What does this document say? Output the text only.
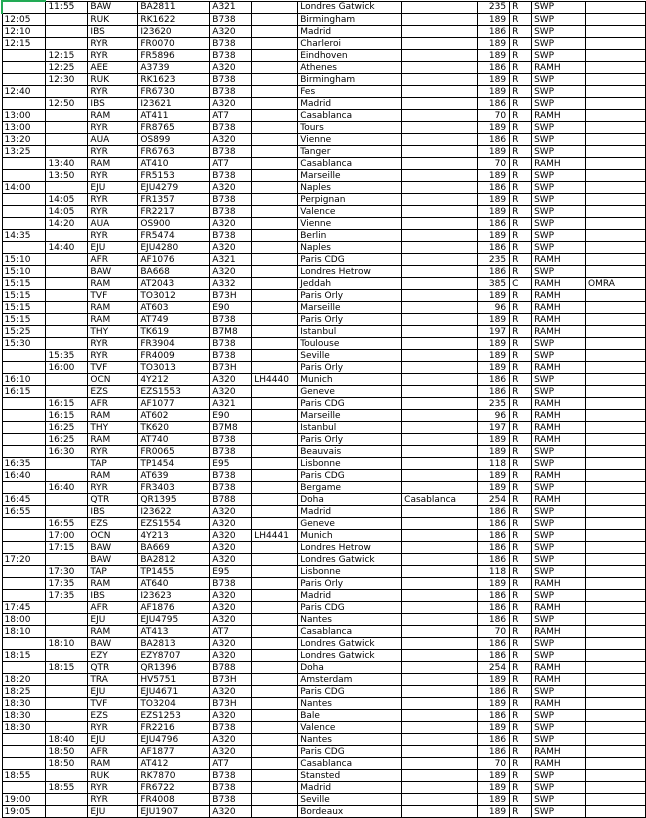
	11:55	BAW	BA2811	A321		Londres Gatwick		235	R	SWP	
12:05		RUK	RK1622	B738		Birmingham		189	R	SWP	
12:10		IBS	I23620	A320		Madrid		186	R	SWP	
12:15		RYR	FR0070	B738		Charleroi		189	R	SWP	
	12:15	RYR	FR5896	B738		Eindhoven		189	R	SWP	
	12:25	AEE	A3739	A320		Athenes		186	R	RAMH	
	12:30	RUK	RK1623	B738		Birmingham		189	R	SWP	
12:40		RYR	FR6730	B738		Fes		189	R	SWP	
	12:50	IBS	I23621	A320		Madrid		186	R	SWP	
13:00		RAM	AT411	AT7		Casablanca		70	R	RAMH	
13:00		RYR	FR8765	B738		Tours		189	R	SWP	
13:20		AUA	OS899	A320		Vienne		186	R	SWP	
13:25		RYR	FR6763	B738		Tanger		189	R	SWP	
	13:40	RAM	AT410	AT7		Casablanca		70	R	RAMH	
	13:50	RYR	FR5153	B738		Marseille		189	R	SWP	
14:00		EJU	EJU4279	A320		Naples		186	R	SWP	
	14:05	RYR	FR1357	B738		Perpignan		189	R	SWP	
	14:05	RYR	FR2217	B738		Valence		189	R	SWP	
	14:20	AUA	OS900	A320		Vienne		186	R	SWP	
14:35		RYR	FR5474	B738		Berlin		189	R	SWP	
	14:40	EJU	EJU4280	A320		Naples		186	R	SWP	
15:10		AFR	AF1076	A321		Paris CDG		235	R	RAMH	
15:10		BAW	BA668	A320		Londres Hetrow		186	R	SWP	
15:15		RAM	AT2043	A332		Jeddah		385	C	RAMH	OMRA
15:15		TVF	TO3012	B73H		Paris Orly		189	R	RAMH	
15:15		RAM	AT603	E90		Marseille		96	R	RAMH	
15:15		RAM	AT749	B738		Paris Orly		189	R	RAMH	
15:25		THY	TK619	B7M8		Istanbul		197	R	RAMH	
15:30		RYR	FR3904	B738		Toulouse		189	R	SWP	
	15:35	RYR	FR4009	B738		Seville		189	R	SWP	
	16:00	TVF	TO3013	B73H		Paris Orly		189	R	RAMH	
16:10		OCN	4Y212	A320	LH4440	Munich		186	R	SWP	
16:15		EZS	EZS1553	A320		Geneve		186	R	SWP	
	16:15	AFR	AF1077	A321		Paris CDG		235	R	RAMH	
	16:15	RAM	AT602	E90		Marseille		96	R	RAMH	
	16:25	THY	TK620	B7M8		Istanbul		197	R	RAMH	
	16:25	RAM	AT740	B738		Paris Orly		189	R	RAMH	
	16:30	RYR	FR0065	B738		Beauvais		189	R	SWP	
16:35		TAP	TP1454	E95		Lisbonne		118	R	SWP	
16:40		RAM	AT639	B738		Paris CDG		189	R	RAMH	
	16:40	RYR	FR3403	B738		Bergame		189	R	SWP	
16:45		QTR	QR1395	B788		Doha	Casablanca	254	R	RAMH	
16:55		IBS	I23622	A320		Madrid		186	R	SWP	
	16:55	EZS	EZS1554	A320		Geneve		186	R	SWP	
	17:00	OCN	4Y213	A320	LH4441	Munich		186	R	SWP	
	17:15	BAW	BA669	A320		Londres Hetrow		186	R	SWP	
17:20		BAW	BA2812	A320		Londres Gatwick		186	R	SWP	
	17:30	TAP	TP1455	E95		Lisbonne		118	R	SWP	
	17:35	RAM	AT640	B738		Paris Orly		189	R	RAMH	
	17:35	IBS	I23623	A320		Madrid		186	R	SWP	
17:45		AFR	AF1876	A320		Paris CDG		186	R	RAMH	
18:00		EJU	EJU4795	A320		Nantes		186	R	SWP	
18:10		RAM	AT413	AT7		Casablanca		70	R	RAMH	
	18:10	BAW	BA2813	A320		Londres Gatwick		186	R	SWP	
18:15		EZY	EZY8707	A320		Londres Gatwick		186	R	SWP	
	18:15	QTR	QR1396	B788		Doha		254	R	RAMH	
18:20		TRA	HV5751	B73H		Amsterdam		189	R	RAMH	
18:25		EJU	EJU4671	A320		Paris CDG		186	R	SWP	
18:30		TVF	TO3204	B73H		Nantes		189	R	RAMH	
18:30		EZS	EZS1253	A320		Bale		186	R	SWP	
18:30		RYR	FR2216	B738		Valence		189	R	SWP	
	18:40	EJU	EJU4796	A320		Nantes		186	R	SWP	
	18:50	AFR	AF1877	A320		Paris CDG		186	R	RAMH	
	18:50	RAM	AT412	AT7		Casablanca		70	R	RAMH	
18:55		RUK	RK7870	B738		Stansted		189	R	SWP	
	18:55	RYR	FR6722	B738		Madrid		189	R	SWP	
19:00		RYR	FR4008	B738		Seville		189	R	SWP	
19:05		EJU	EJU1907	A320		Bordeaux		189	R	SWP	
